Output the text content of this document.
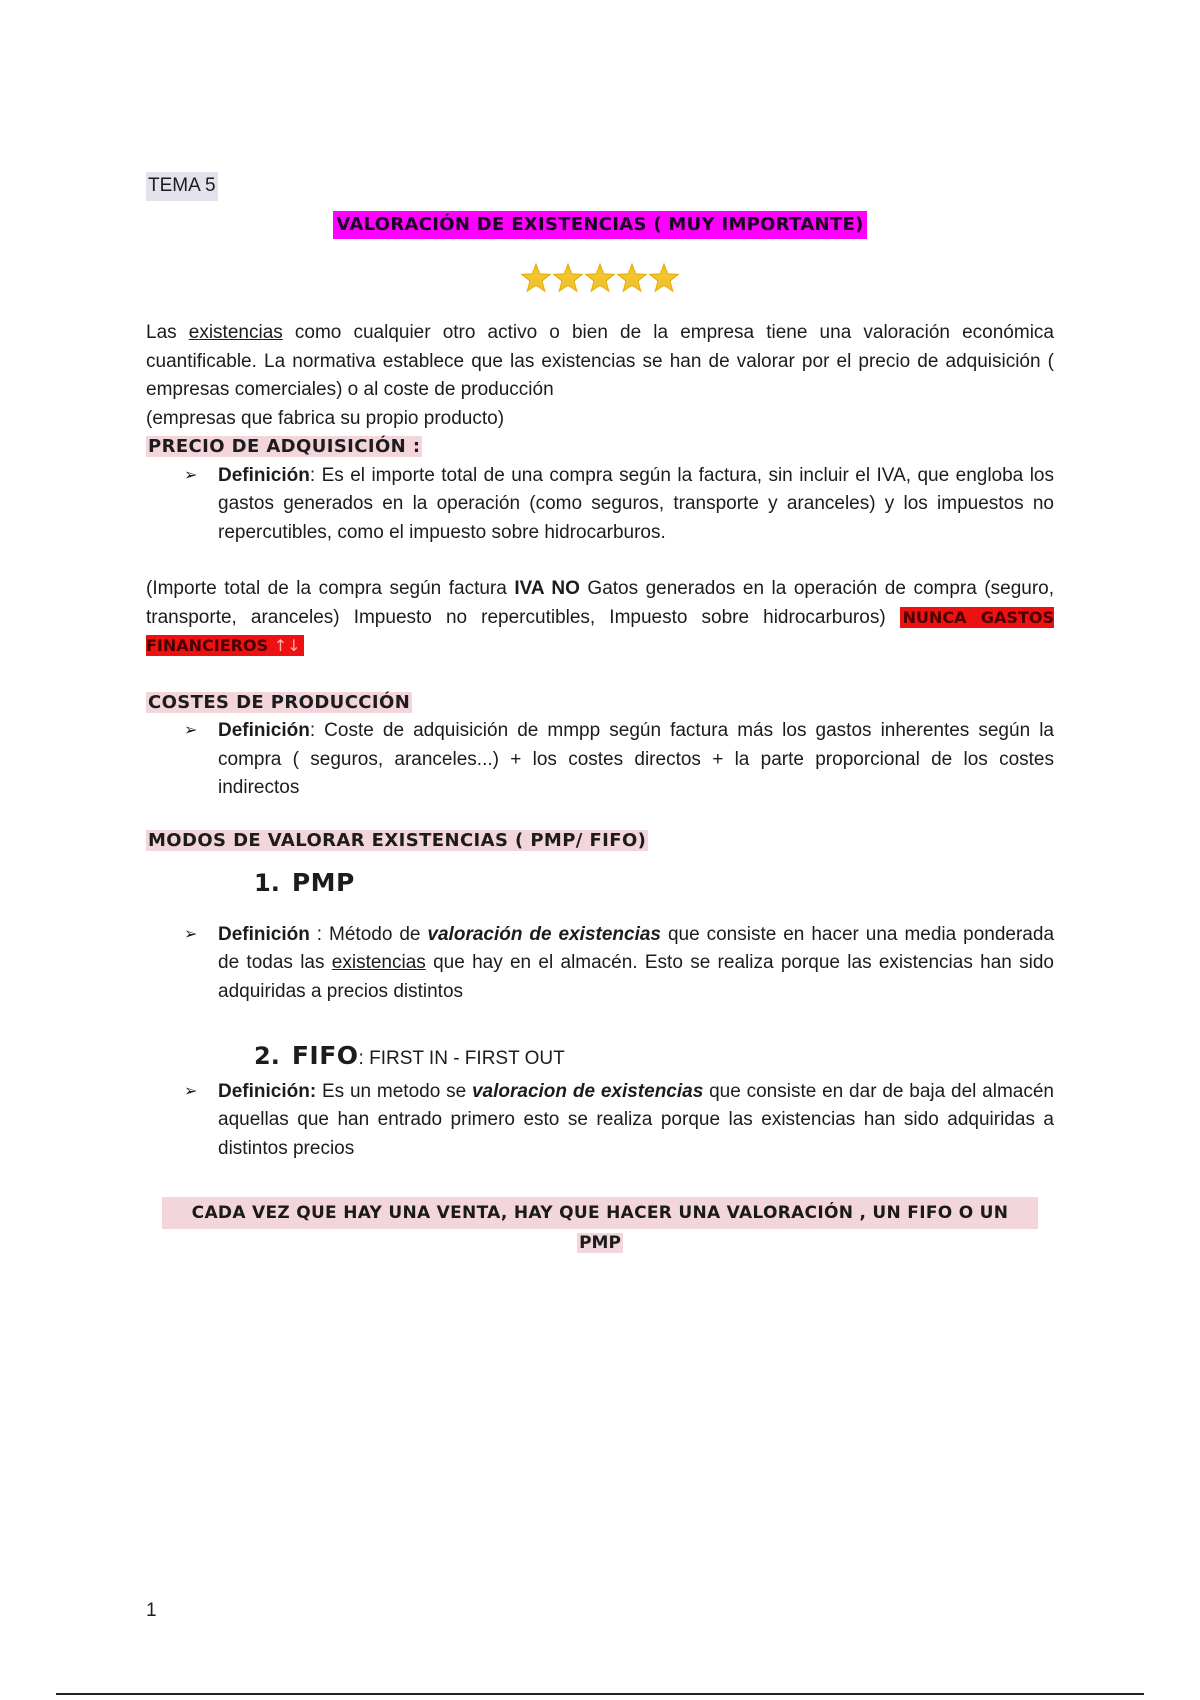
TEMA 5
VALORACIÓN DE EXISTENCIAS ( MUY IMPORTANTE)
Las existencias como cualquier otro activo o bien de la empresa tiene una valoración económica cuantificable. La normativa establece que las existencias se han de valorar por el precio de adquisición ( empresas comerciales) o al coste de producción
(empresas que fabrica su propio producto)
PRECIO DE ADQUISICIÓN :
➢ Definición: Es el importe total de una compra según la factura, sin incluir el IVA, que engloba los gastos generados en la operación (como seguros, transporte y aranceles) y los impuestos no repercutibles, como el impuesto sobre hidrocarburos.
(Importe total de la compra según factura IVA NO Gatos generados en la operación de compra (seguro, transporte, aranceles) Impuesto no repercutibles, Impuesto sobre hidrocarburos) NUNCA GASTOS FINANCIEROS ↑↓
COSTES DE PRODUCCIÓN
➢ Definición: Coste de adquisición de mmpp según factura más los gastos inherentes según la compra ( seguros, aranceles...) + los costes directos + la parte proporcional de los costes indirectos
MODOS DE VALORAR EXISTENCIAS ( PMP/ FIFO)
1. PMP
➢ Definición : Método de valoración de existencias que consiste en hacer una media ponderada de todas las existencias que hay en el almacén. Esto se realiza porque las existencias han sido adquiridas a precios distintos
2. FIFO: FIRST IN - FIRST OUT
➢ Definición: Es un metodo se valoracion de existencias que consiste en dar de baja del almacén aquellas que han entrado primero esto se realiza porque las existencias han sido adquiridas a distintos precios
CADA VEZ QUE HAY UNA VENTA, HAY QUE HACER UNA VALORACIÓN , UN FIFO O UN
PMP
1
